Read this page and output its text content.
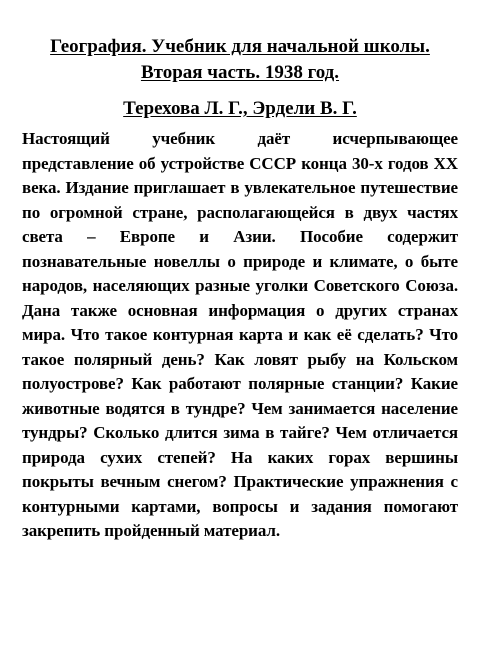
География. Учебник для начальной школы.
Вторая часть. 1938 год.
Терехова Л. Г., Эрдели В. Г.

Настоящий учебник даёт исчерпывающее представление об устройстве СССР конца 30-х годов XX века. Издание приглашает в увлекательное путешествие по огромной стране, располагающейся в двух частях света – Европе и Азии. Пособие содержит познавательные новеллы о природе и климате, о быте народов, населяющих разные уголки Советского Союза. Дана также основная информация о других странах мира. Что такое контурная карта и как её сделать? Что такое полярный день? Как ловят рыбу на Кольском полуострове? Как работают полярные станции? Какие животные водятся в тундре? Чем занимается население тундры? Сколько длится зима в тайге? Чем отличается природа сухих степей? На каких горах вершины покрыты вечным снегом? Практические упражнения с контурными картами, вопросы и задания помогают закрепить пройденный материал.
